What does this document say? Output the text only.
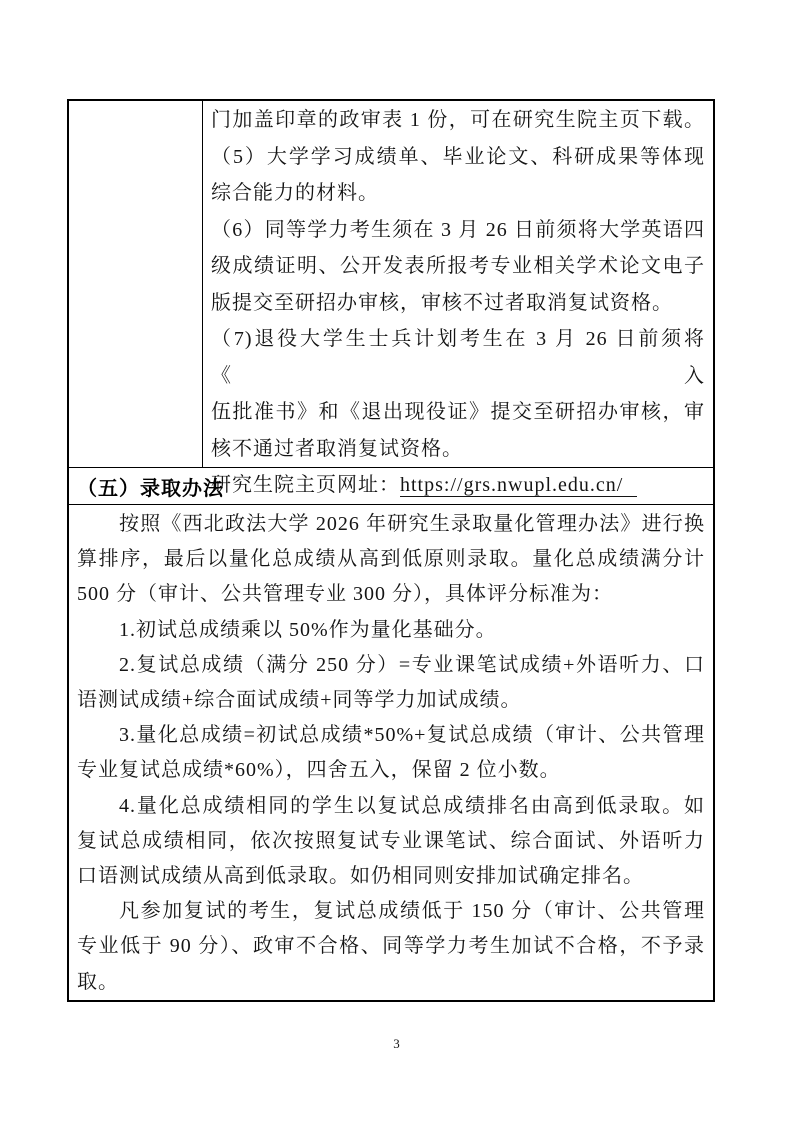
门加盖印章的政审表 1 份，可在研究生院主页下载。
（5）大学学习成绩单、毕业论文、科研成果等体现
综合能力的材料。
（6）同等学力考生须在 3 月 26 日前须将大学英语四
级成绩证明、公开发表所报考专业相关学术论文电子
版提交至研招办审核，审核不过者取消复试资格。
（7)退役大学生士兵计划考生在 3 月 26 日前须将《入
伍批准书》和《退出现役证》提交至研招办审核，审
核不通过者取消复试资格。
研究生院主页网址：https://grs.nwupl.edu.cn/
（五）录取办法
按照《西北政法大学 2026 年研究生录取量化管理办法》进行换
算排序，最后以量化总成绩从高到低原则录取。量化总成绩满分计
500 分（审计、公共管理专业 300 分），具体评分标准为：
1.初试总成绩乘以 50%作为量化基础分。
2.复试总成绩（满分 250 分）=专业课笔试成绩+外语听力、口
语测试成绩+综合面试成绩+同等学力加试成绩。
3.量化总成绩=初试总成绩*50%+复试总成绩（审计、公共管理
专业复试总成绩*60%），四舍五入，保留 2 位小数。
4.量化总成绩相同的学生以复试总成绩排名由高到低录取。如
复试总成绩相同，依次按照复试专业课笔试、综合面试、外语听力
口语测试成绩从高到低录取。如仍相同则安排加试确定排名。
凡参加复试的考生，复试总成绩低于 150 分（审计、公共管理
专业低于 90 分）、政审不合格、同等学力考生加试不合格，不予录
取。
3
